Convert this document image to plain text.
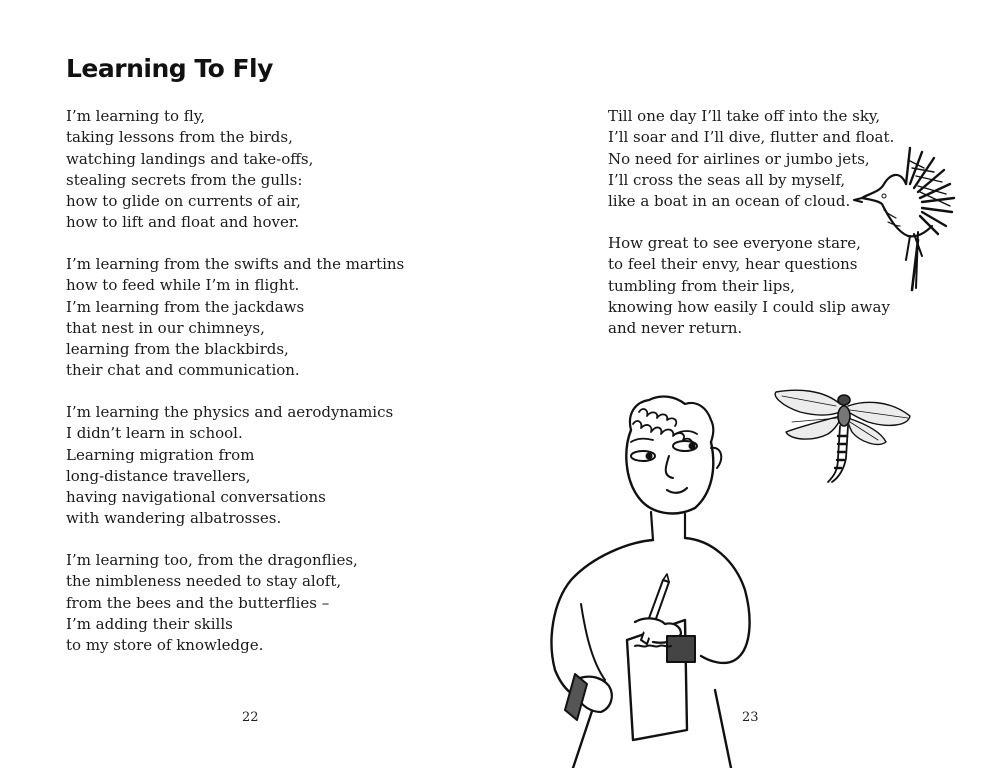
Learning To Fly

I’m learning to fly,
taking lessons from the birds,
watching landings and take-offs,
stealing secrets from the gulls:
how to glide on currents of air,
how to lift and float and hover.

I’m learning from the swifts and the martins
how to feed while I’m in flight.
I’m learning from the jackdaws
that nest in our chimneys,
learning from the blackbirds,
their chat and communication.

I’m learning the physics and aerodynamics
I didn’t learn in school.
Learning migration from
long-distance travellers,
having navigational conversations
with wandering albatrosses.

I’m learning too, from the dragonflies,
the nimbleness needed to stay aloft,
from the bees and the butterflies –
I’m adding their skills
to my store of knowledge.

22

Till one day I’ll take off into the sky,
I’ll soar and I’ll dive, flutter and float.
No need for airlines or jumbo jets,
I’ll cross the seas all by myself,
like a boat in an ocean of cloud.

How great to see everyone stare,
to feel their envy, hear questions
tumbling from their lips,
knowing how easily I could slip away
and never return.

23
